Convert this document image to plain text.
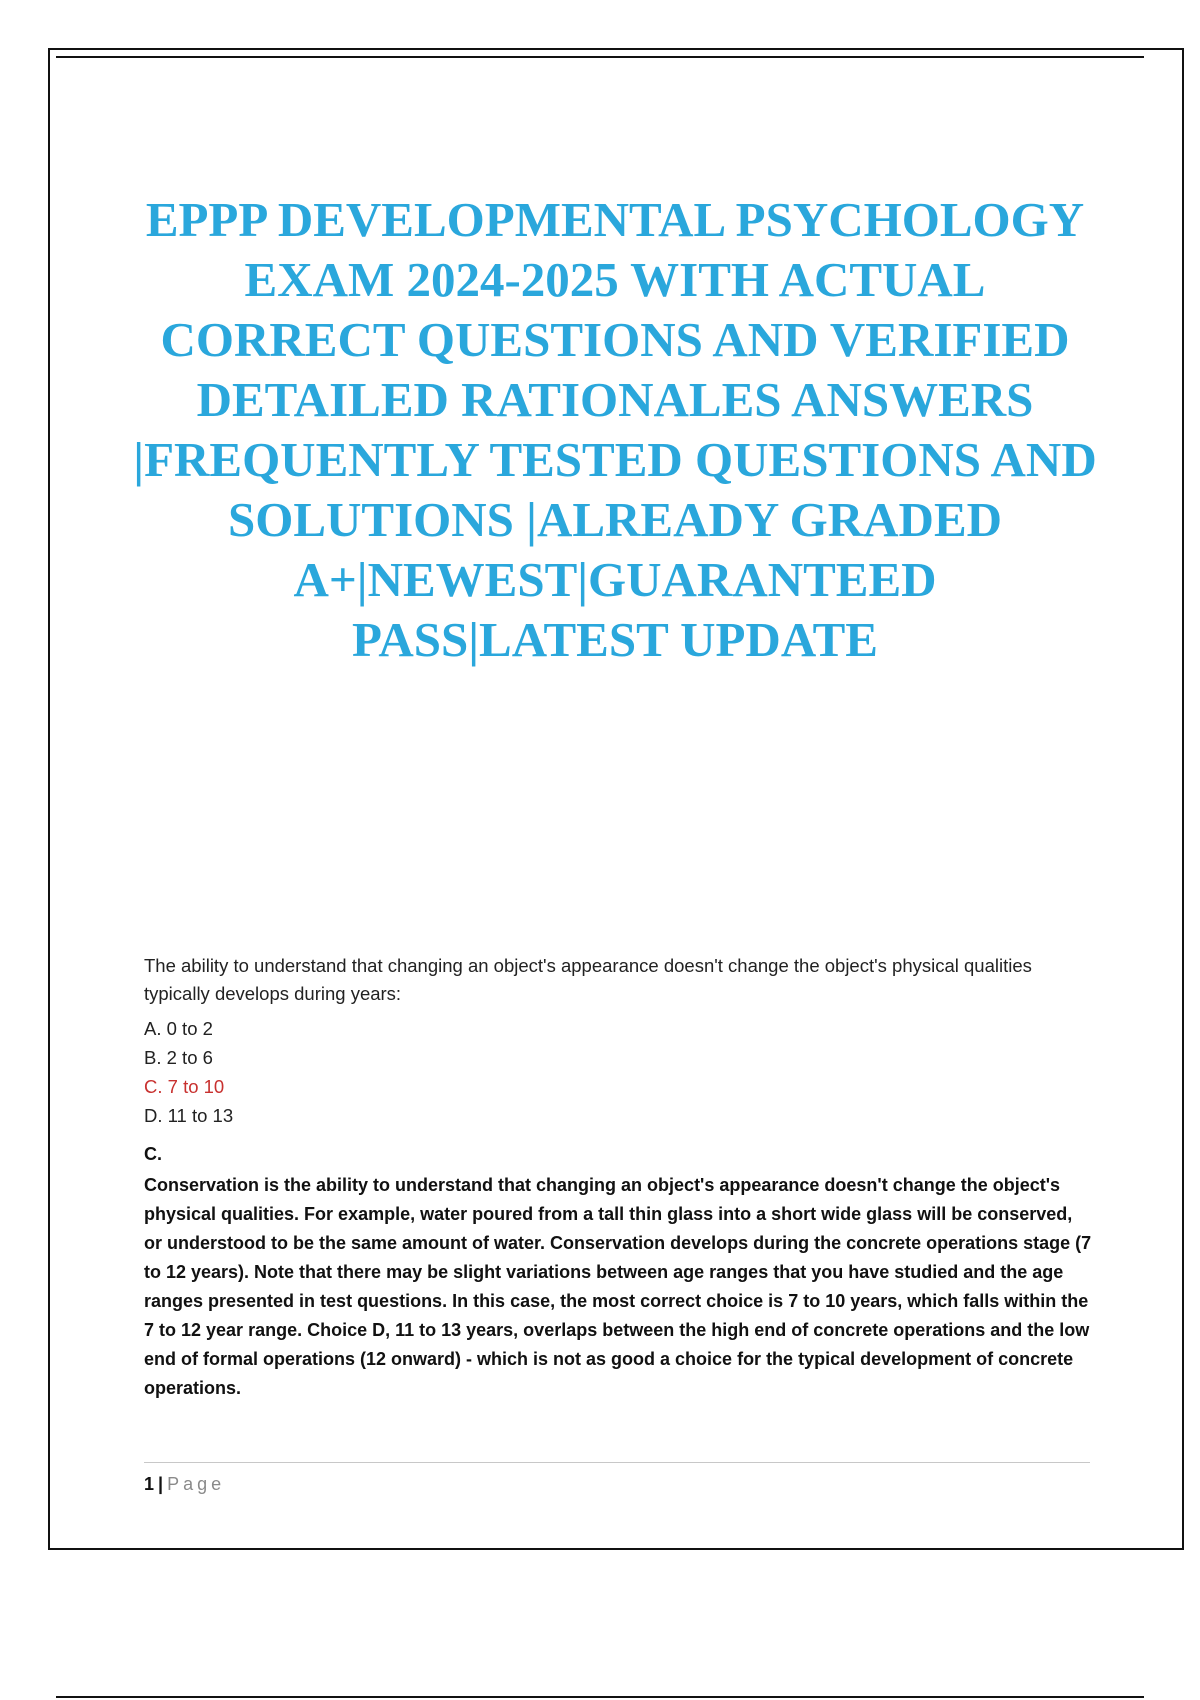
EPPP DEVELOPMENTAL PSYCHOLOGY EXAM 2024-2025 WITH ACTUAL CORRECT QUESTIONS AND VERIFIED DETAILED RATIONALES ANSWERS |FREQUENTLY TESTED QUESTIONS AND SOLUTIONS |ALREADY GRADED A+|NEWEST|GUARANTEED PASS|LATEST UPDATE

The ability to understand that changing an object's appearance doesn't change the object's physical qualities typically develops during years:

A. 0 to 2
B. 2 to 6
C. 7 to 10
D. 11 to 13

C.

Conservation is the ability to understand that changing an object's appearance doesn't change the object's physical qualities. For example, water poured from a tall thin glass into a short wide glass will be conserved, or understood to be the same amount of water. Conservation develops during the concrete operations stage (7 to 12 years). Note that there may be slight variations between age ranges that you have studied and the age ranges presented in test questions. In this case, the most correct choice is 7 to 10 years, which falls within the 7 to 12 year range. Choice D, 11 to 13 years, overlaps between the high end of concrete operations and the low end of formal operations (12 onward) - which is not as good a choice for the typical development of concrete operations.

1 | Page
